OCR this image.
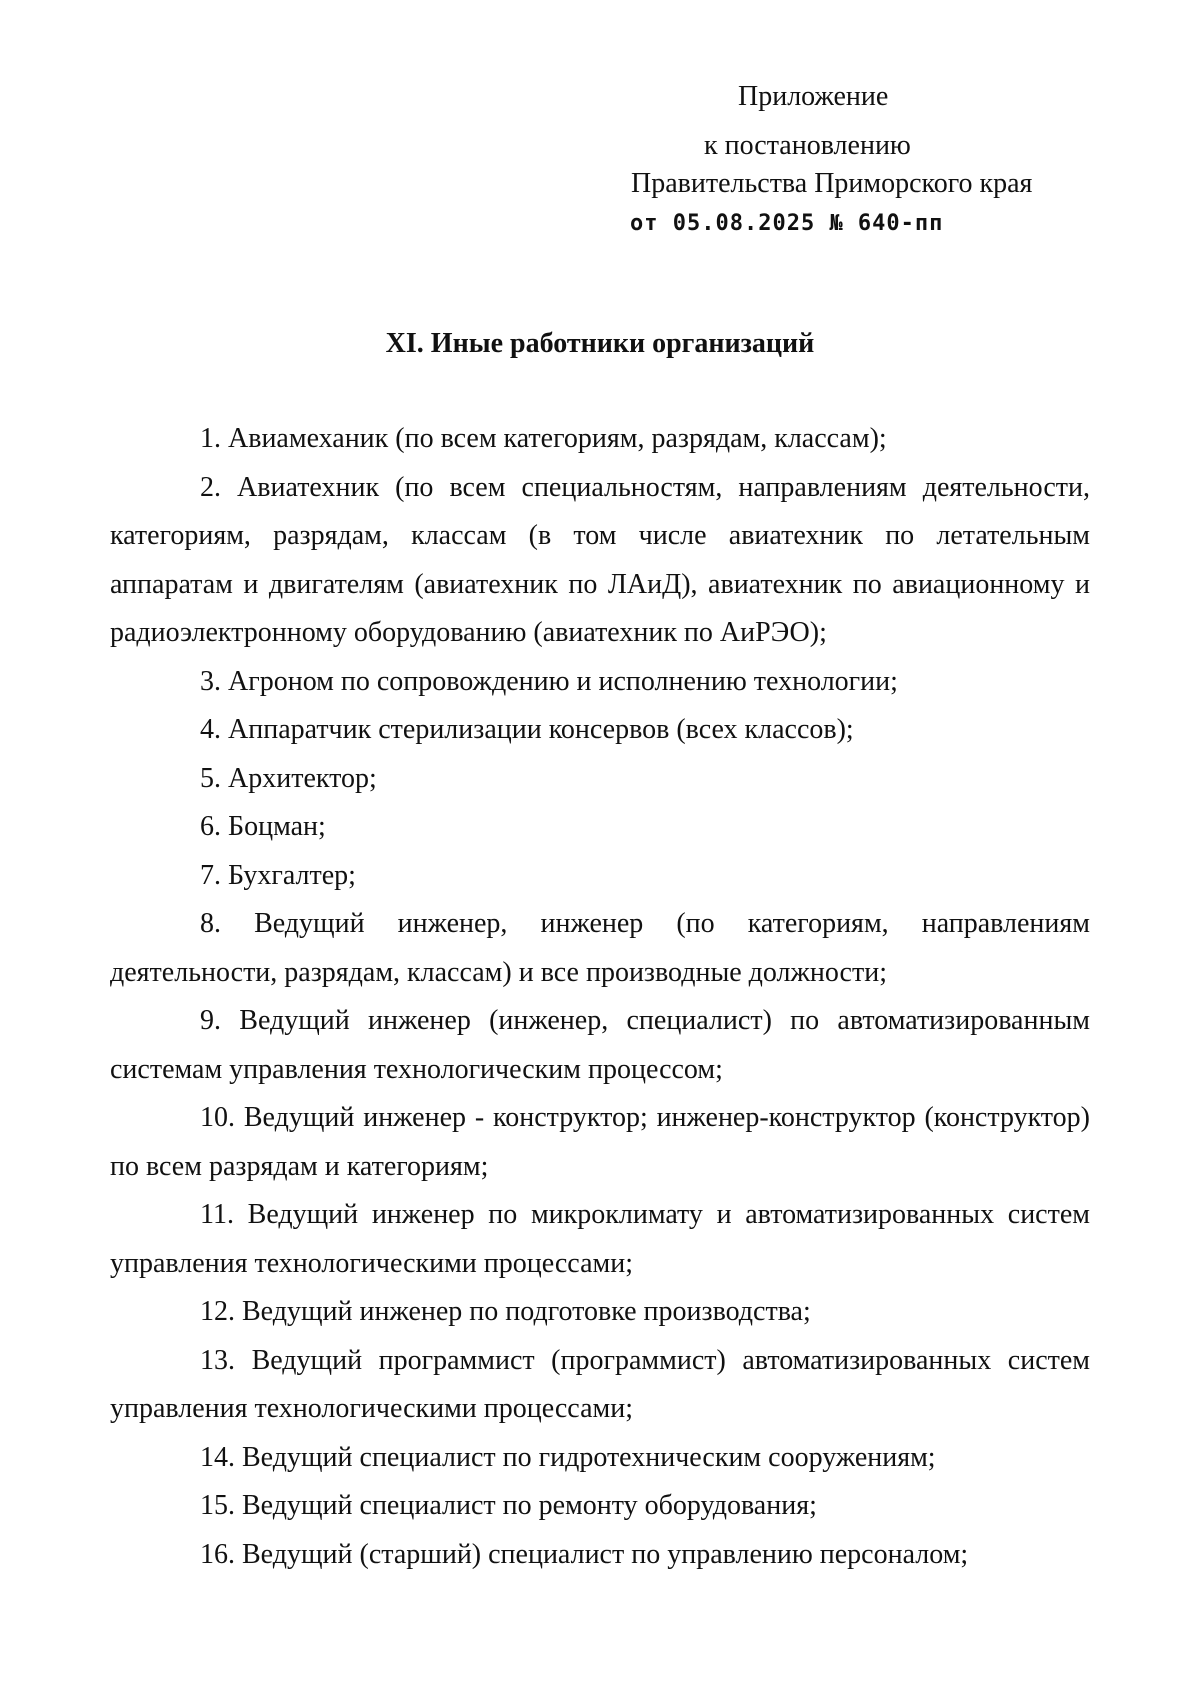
Приложение
к постановлению
Правительства Приморского края
от 05.08.2025 № 640-пп
XI. Иные работники организаций

1. Авиамеханик (по всем категориям, разрядам, классам);

2. Авиатехник (по всем специальностям, направлениям деятельности, категориям, разрядам, классам (в том числе авиатехник по летательным аппаратам и двигателям (авиатехник по ЛАиД), авиатехник по авиационному и радиоэлектронному оборудованию (авиатехник по АиРЭО);

3. Агроном по сопровождению и исполнению технологии;

4. Аппаратчик стерилизации консервов (всех классов);

5. Архитектор;

6. Боцман;

7. Бухгалтер;

8. Ведущий инженер, инженер (по категориям, направлениям деятельности, разрядам, классам) и все производные должности;

9. Ведущий инженер (инженер, специалист) по автоматизированным системам управления технологическим процессом;

10. Ведущий инженер - конструктор; инженер-конструктор (конструктор) по всем разрядам и категориям;

11. Ведущий инженер по микроклимату и автоматизированных систем управления технологическими процессами;

12. Ведущий инженер по подготовке производства;

13. Ведущий программист (программист) автоматизированных систем управления технологическими процессами;

14. Ведущий специалист по гидротехническим сооружениям;

15. Ведущий специалист по ремонту оборудования;

16. Ведущий (старший) специалист по управлению персоналом;
